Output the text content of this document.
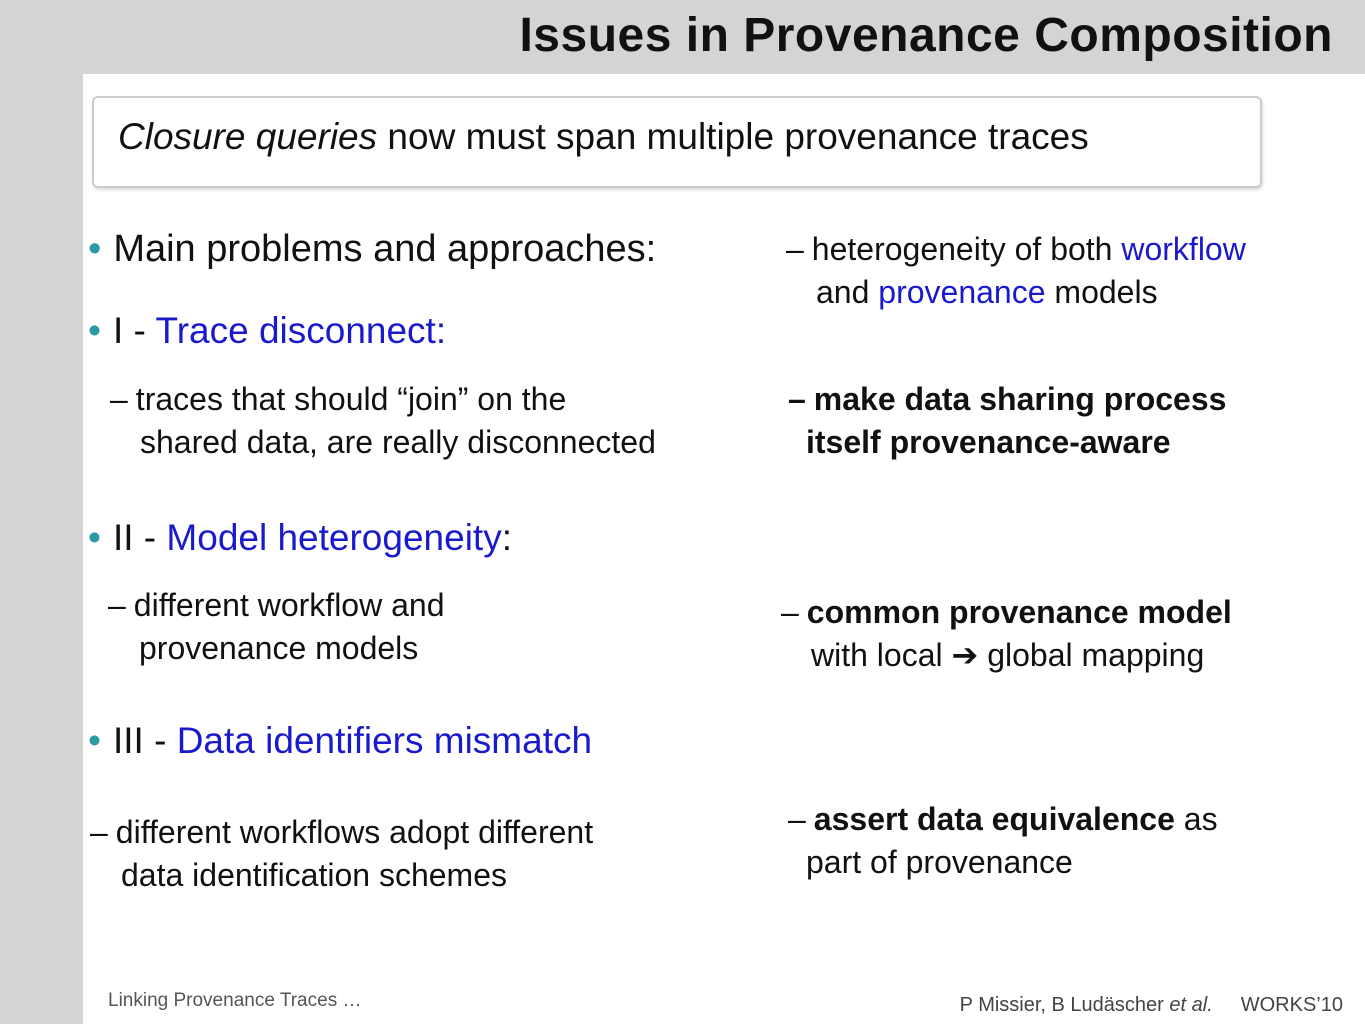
Issues in Provenance Composition
Closure queries now must span multiple provenance traces
• Main problems and approaches:	– heterogeneity of both workflow
and provenance models
• I - Trace disconnect:
– traces that should “join” on the
shared data, are really disconnected
– make data sharing process
itself provenance-aware
• II - Model heterogeneity:
– different workflow and
provenance models
– common provenance model
with local ➔ global mapping
• III - Data identifiers mismatch
– different workflows adopt different
data identification schemes
– assert data equivalence as
part of provenance
Linking Provenance Traces …	P Missier, B Ludäscher et al. WORKS’10
